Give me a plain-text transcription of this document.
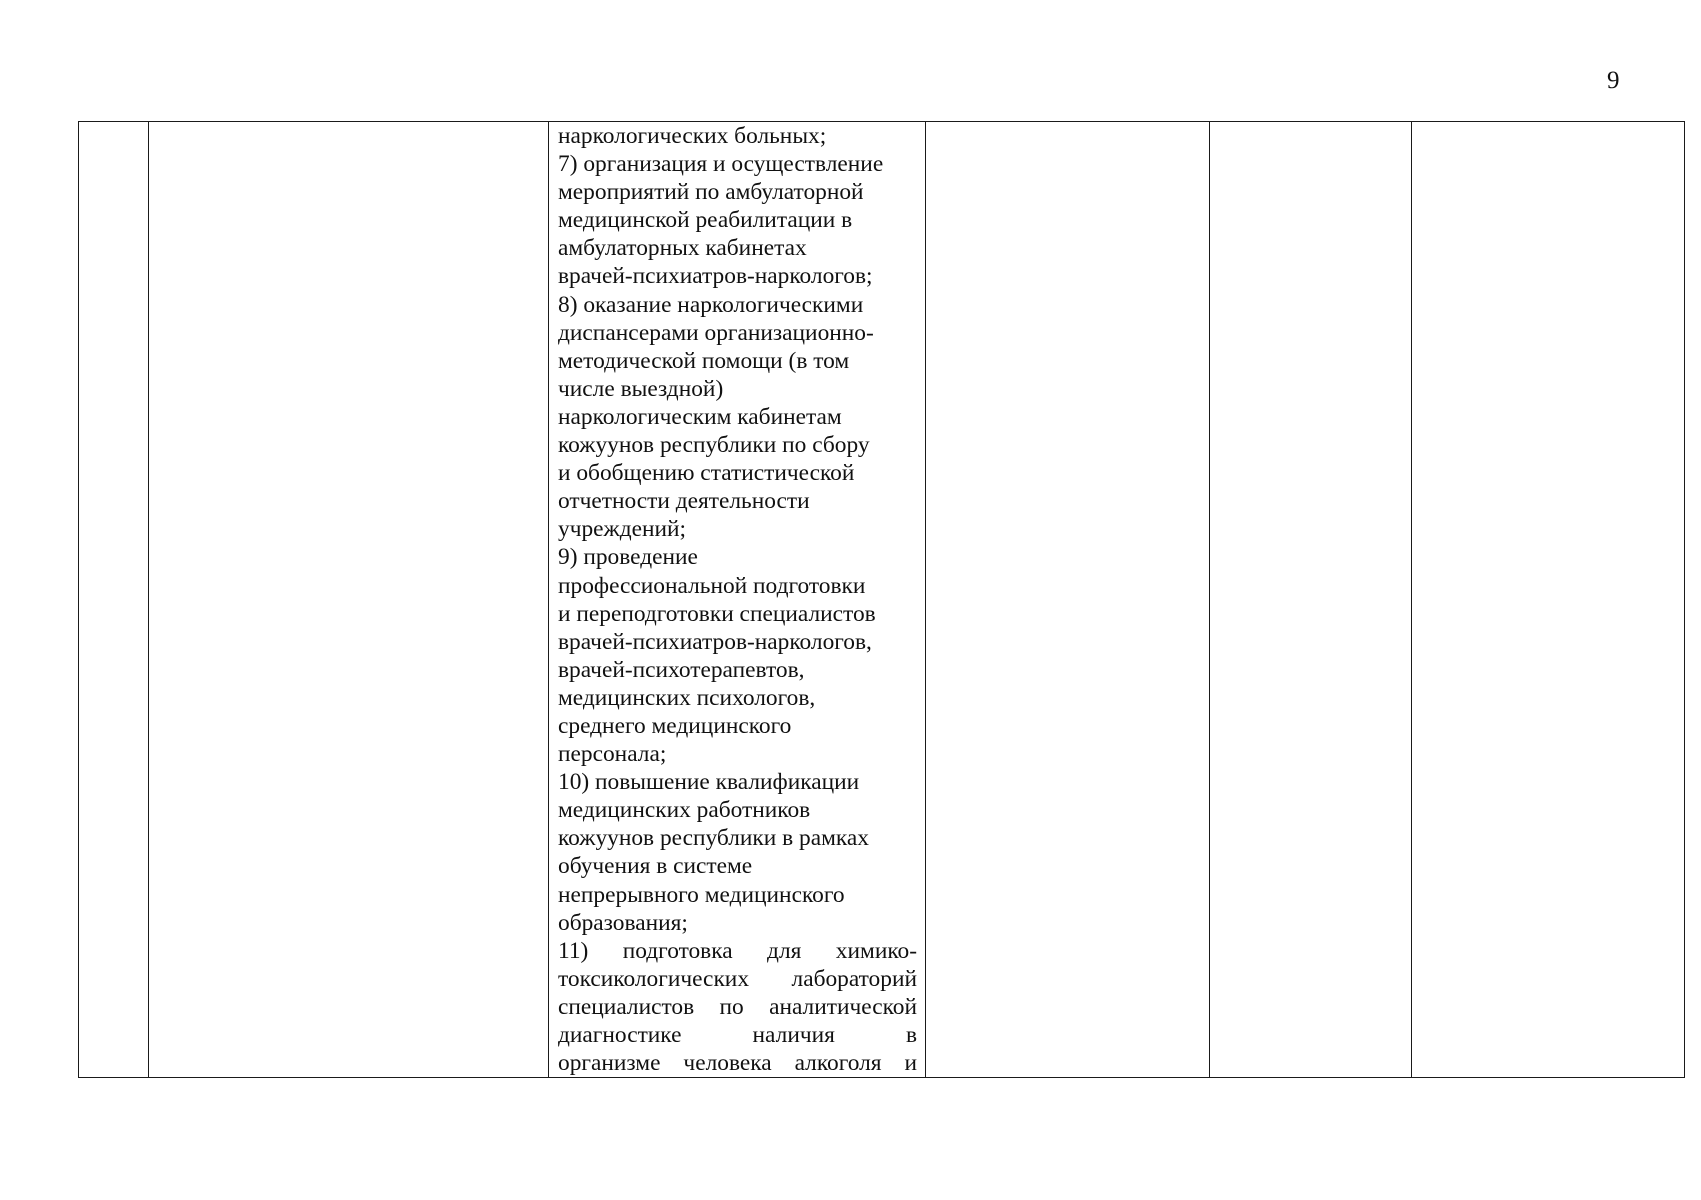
9

наркологических больных;
7) организация и осуществление
мероприятий по амбулаторной
медицинской реабилитации в
амбулаторных кабинетах
врачей-психиатров-наркологов;
8) оказание наркологическими
диспансерами организационно-
методической помощи (в том
числе выездной)
наркологическим кабинетам
кожуунов республики по сбору
и обобщению статистической
отчетности деятельности
учреждений;
9) проведение
профессиональной подготовки
и переподготовки специалистов
врачей-психиатров-наркологов,
врачей-психотерапевтов,
медицинских психологов,
среднего медицинского
персонала;
10) повышение квалификации
медицинских работников
кожуунов республики в рамках
обучения в системе
непрерывного медицинского
образования;
11) подготовка для химико-
токсикологических лабораторий
специалистов по аналитической
диагностике наличия в
организме человека алкоголя и
